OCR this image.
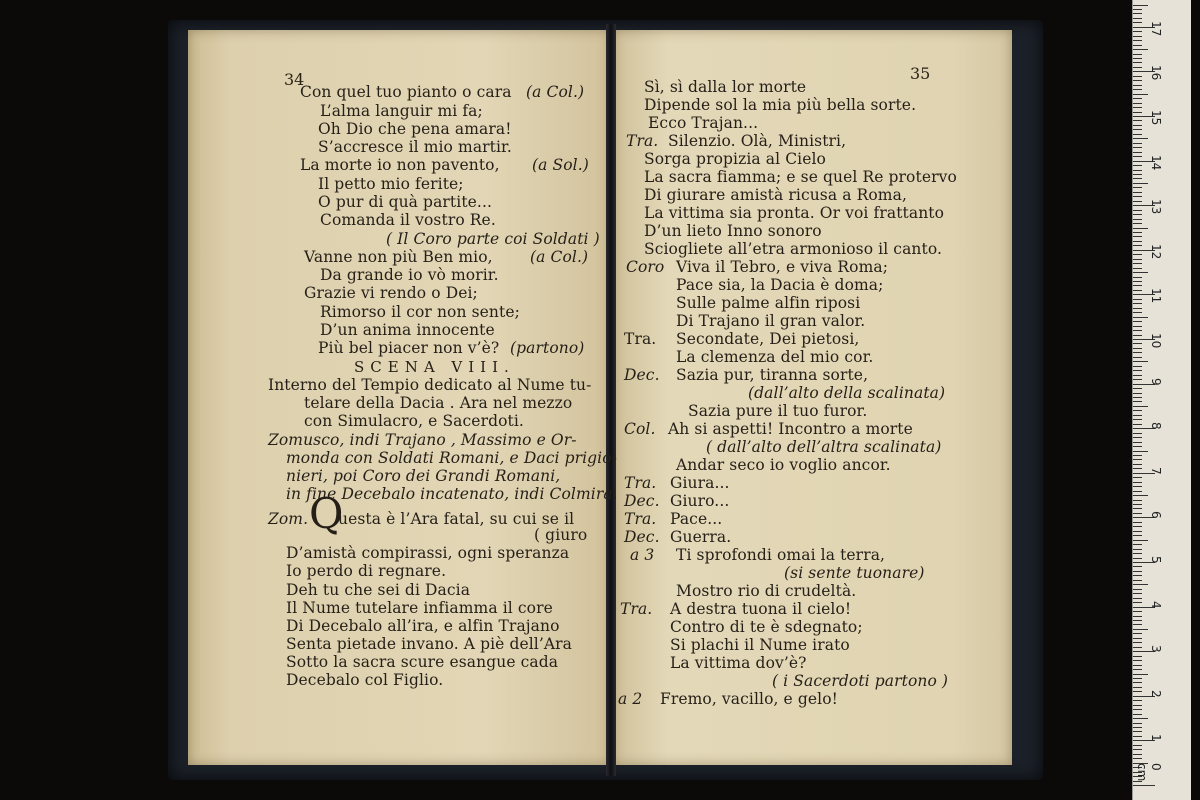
34
Con quel tuo pianto o cara (a Col.)
L’alma languir mi fa;
Oh Dio che pena amara!
S’accresce il mio martir.
La morte io non pavento, (a Sol.)
Il petto mio ferite;
O pur di quà partite...
Comanda il vostro Re.
( Il Coro parte coi Soldati )
Vanne non più Ben mio, (a Col.)
Da grande io vò morir.
Grazie vi rendo o Dei;
Rimorso il cor non sente;
D’un anima innocente
Più bel piacer non v’è? (partono)
SCENA VIII.
Interno del Tempio dedicato al Nume tu-
telare della Dacia . Ara nel mezzo
con Simulacro, e Sacerdoti.
Zomusco, indi Trajano , Massimo e Or-
monda con Soldati Romani, e Daci prigio-
nieri, poi Coro dei Grandi Romani,
in fine Decebalo incatenato, indi Colmira.
Zom. Q
uesta è l’Ara fatal, su cui se il
( giuro
D’amistà compirassi, ogni speranza
Io perdo di regnare.
Deh tu che sei di Dacia
Il Nume tutelare infiamma il core
Di Decebalo all’ira, e alfin Trajano
Senta pietade invano. A piè dell’Ara
Sotto la sacra scure esangue cada
Decebalo col Figlio.
35
Sì, sì dalla lor morte
Dipende sol la mia più bella sorte.
Ecco Trajan...
Tra. Silenzio. Olà, Ministri,
Sorga propizia al Cielo
La sacra fiamma; e se quel Re protervo
Di giurare amistà ricusa a Roma,
La vittima sia pronta. Or voi frattanto
D’un lieto Inno sonoro
Sciogliete all’etra armonioso il canto.
Coro Viva il Tebro, e viva Roma;
Pace sia, la Dacia è doma;
Sulle palme alfin riposi
Di Trajano il gran valor.
Tra. Secondate, Dei pietosi,
La clemenza del mio cor.
Dec. Sazia pur, tiranna sorte,
(dall’alto della scalinata)
Sazia pure il tuo furor.
Col. Ah si aspetti! Incontro a morte
( dall’alto dell’altra scalinata)
Andar seco io voglio ancor.
Tra. Giura...
Dec. Giuro...
Tra. Pace...
Dec. Guerra.
a 3 Ti sprofondi omai la terra,
(si sente tuonare)
Mostro rio di crudeltà.
Tra. A destra tuona il cielo!
Contro di te è sdegnato;
Si plachi il Nume irato
La vittima dov’è?
( i Sacerdoti partono )
a 2 Fremo, vacillo, e gelo!
0 cm
1
2
3
4
5
6
7
8
9
10
11
12
13
14
15
16
17
